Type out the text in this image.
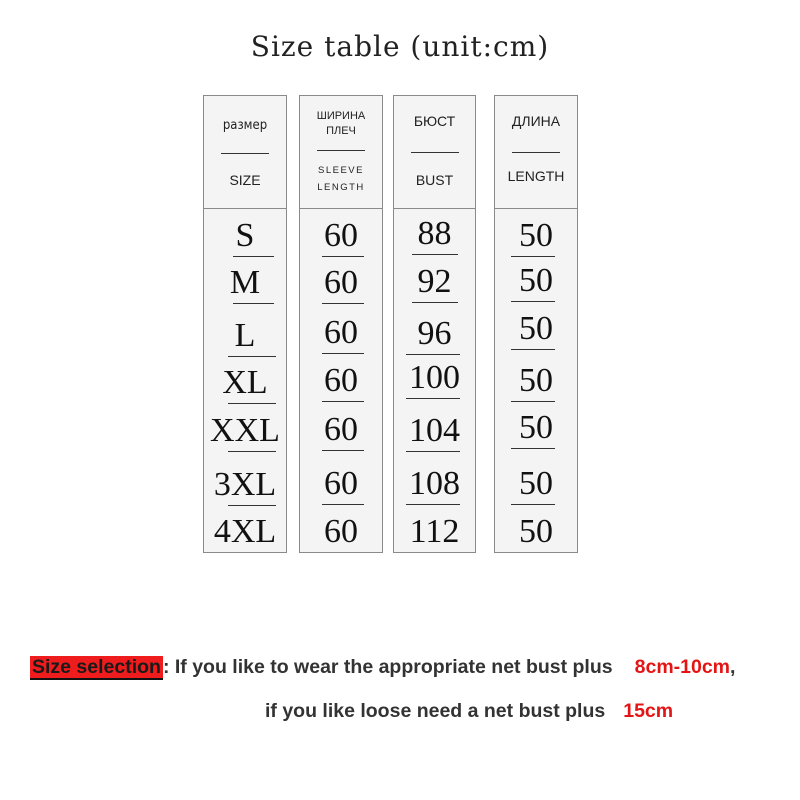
Size table (unit:cm)
размер
SIZE
S
M
L
XL
XXL
3XL
4XL
ШИРИНА
ПЛЕЧ
SLEEVE
LENGTH
60
60
60
60
60
60
60
БЮСТ
BUST
88
92
96
100
104
108
112
ДЛИНА
LENGTH
50
50
50
50
50
50
50
Size selection : If you like to wear the appropriate net bust plus 8cm-10cm,
if you like loose need a net bust plus 15cm
